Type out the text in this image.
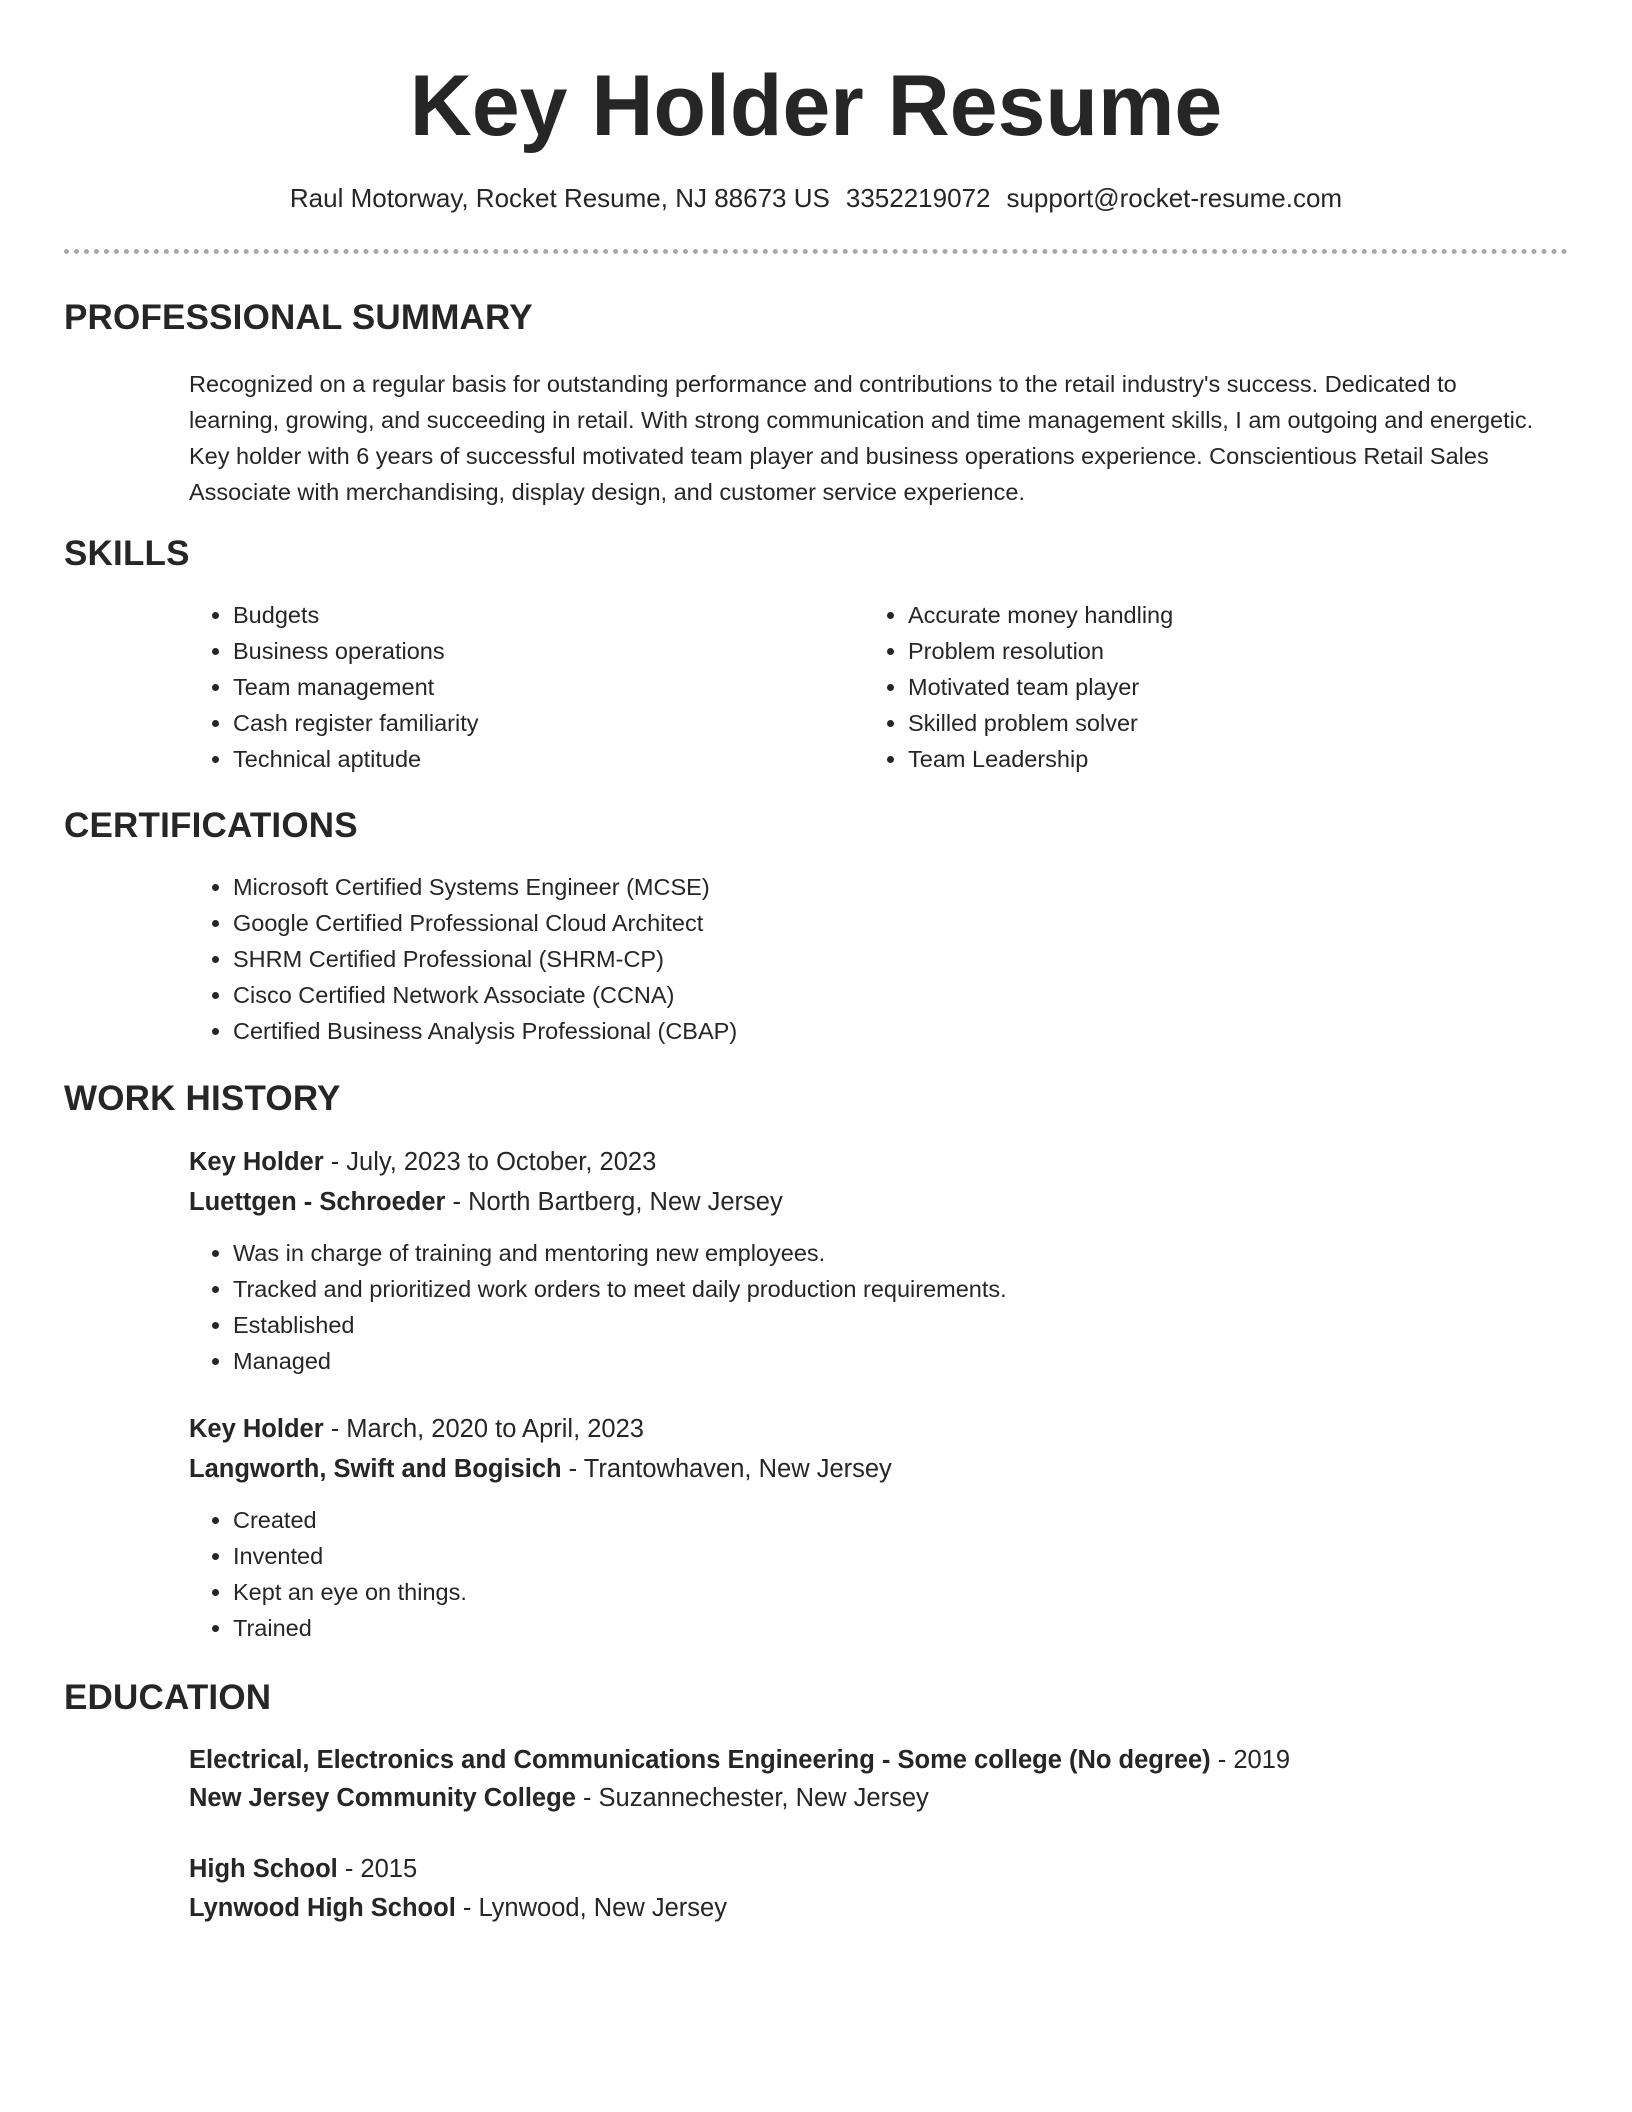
Key Holder Resume
Raul Motorway, Rocket Resume, NJ 88673 US 3352219072 support@rocket-resume.com
PROFESSIONAL SUMMARY

Recognized on a regular basis for outstanding performance and contributions to the retail industry's success. Dedicated to learning, growing, and succeeding in retail. With strong communication and time management skills, I am outgoing and energetic. Key holder with 6 years of successful motivated team player and business operations experience. Conscientious Retail Sales Associate with merchandising, display design, and customer service experience.

SKILLS
• Budgets
• Business operations
• Team management
• Cash register familiarity
• Technical aptitude
• Accurate money handling
• Problem resolution
• Motivated team player
• Skilled problem solver
• Team Leadership
CERTIFICATIONS
• Microsoft Certified Systems Engineer (MCSE)
• Google Certified Professional Cloud Architect
• SHRM Certified Professional (SHRM-CP)
• Cisco Certified Network Associate (CCNA)
• Certified Business Analysis Professional (CBAP)
WORK HISTORY
Key Holder - July, 2023 to October, 2023
Luettgen - Schroeder - North Bartberg, New Jersey
• Was in charge of training and mentoring new employees.
• Tracked and prioritized work orders to meet daily production requirements.
• Established
• Managed
Key Holder - March, 2020 to April, 2023
Langworth, Swift and Bogisich - Trantowhaven, New Jersey
• Created
• Invented
• Kept an eye on things.
• Trained
EDUCATION
Electrical, Electronics and Communications Engineering - Some college (No degree) - 2019
New Jersey Community College - Suzannechester, New Jersey
High School - 2015
Lynwood High School - Lynwood, New Jersey
